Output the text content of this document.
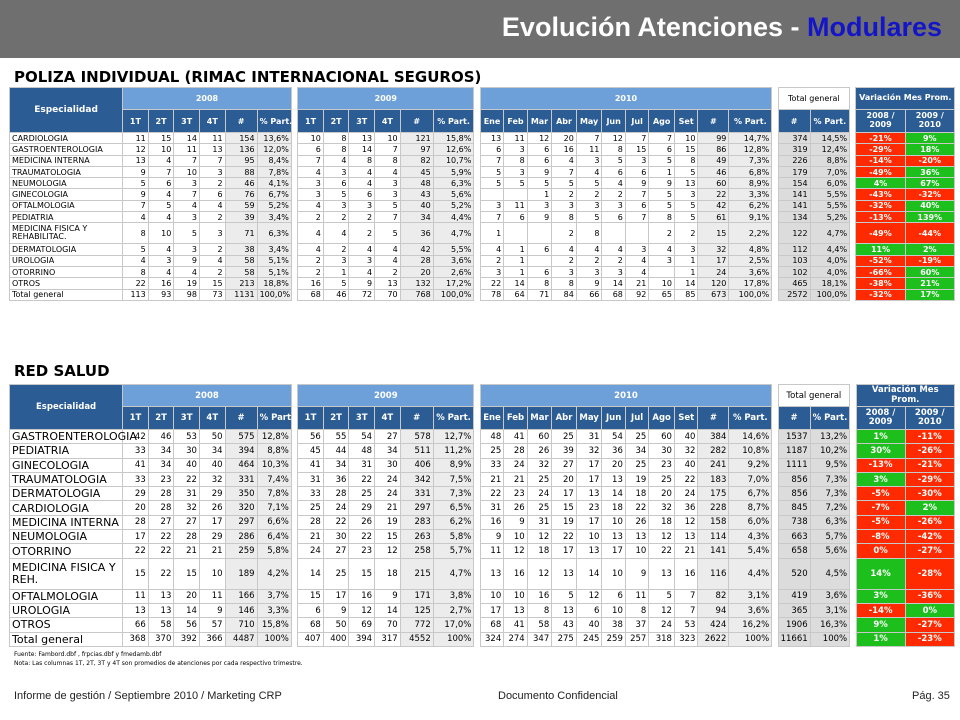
Evolución Atenciones - Modulares
POLIZA INDIVIDUAL (RIMAC INTERNACIONAL SEGUROS)
Especialidad	2008							2009							2010												Total general			Variación Mes Prom.	
	1T	2T	3T	4T	#	% Part.		1T	2T	3T	4T	#	% Part.		Ene	Feb	Mar	Abr	May	Jun	Jul	Ago	Set	#	% Part.		#	% Part.		2008 / 2009	2009 / 2010
CARDIOLOGIA	11	15	14	11	154	13,6%		10	8	13	10	121	15,8%		13	11	12	20	7	12	7	7	10	99	14,7%		374	14,5%		-21%	9%
GASTROENTEROLOGIA	12	10	11	13	136	12,0%		6	8	14	7	97	12,6%		6	3	6	16	11	8	15	6	15	86	12,8%		319	12,4%		-29%	18%
MEDICINA INTERNA	13	4	7	7	95	8,4%		7	4	8	8	82	10,7%		7	8	6	4	3	5	3	5	8	49	7,3%		226	8,8%		-14%	-20%
TRAUMATOLOGIA	9	7	10	3	88	7,8%		4	3	4	4	45	5,9%		5	3	9	7	4	6	6	1	5	46	6,8%		179	7,0%		-49%	36%
NEUMOLOGIA	5	6	3	2	46	4,1%		3	6	4	3	48	6,3%		5	5	5	5	5	4	9	9	13	60	8,9%		154	6,0%		4%	67%
GINECOLOGIA	9	4	7	6	76	6,7%		3	5	6	3	43	5,6%				1	2	2	2	7	5	3	22	3,3%		141	5,5%		-43%	-32%
OFTALMOLOGIA	7	5	4	4	59	5,2%		4	3	3	5	40	5,2%		3	11	3	3	3	3	6	5	5	42	6,2%		141	5,5%		-32%	40%
PEDIATRIA	4	4	3	2	39	3,4%		2	2	2	7	34	4,4%		7	6	9	8	5	6	7	8	5	61	9,1%		134	5,2%		-13%	139%
MEDICINA FISICA Y REHABILITAC.	8	10	5	3	71	6,3%		4	4	2	5	36	4,7%		1			2	8			2	2	15	2,2%		122	4,7%		-49%	-44%
DERMATOLOGIA	5	4	3	2	38	3,4%		4	2	4	4	42	5,5%		4	1	6	4	4	4	3	4	3	32	4,8%		112	4,4%		11%	2%
UROLOGIA	4	3	9	4	58	5,1%		2	3	3	4	28	3,6%		2	1		2	2	2	4	3	1	17	2,5%		103	4,0%		-52%	-19%
OTORRINO	8	4	4	2	58	5,1%		2	1	4	2	20	2,6%		3	1	6	3	3	3	4		1	24	3,6%		102	4,0%		-66%	60%
OTROS	22	16	19	15	213	18,8%		16	5	9	13	132	17,2%		22	14	8	8	9	14	21	10	14	120	17,8%		465	18,1%		-38%	21%
Total general	113	93	98	73	1131	100,0%		68	46	72	70	768	100,0%		78	64	71	84	66	68	92	65	85	673	100,0%		2572	100,0%		-32%	17%
RED SALUD
Especialidad	2008							2009							2010												Total general			Variación Mes Prom.	
	1T	2T	3T	4T	#	% Part.		1T	2T	3T	4T	#	% Part.		Ene	Feb	Mar	Abr	May	Jun	Jul	Ago	Set	#	% Part.		#	% Part.		2008 / 2009	2009 / 2010
GASTROENTEROLOGIA	42	46	53	50	575	12,8%		56	55	54	27	578	12,7%		48	41	60	25	31	54	25	60	40	384	14,6%		1537	13,2%		1%	-11%
PEDIATRIA	33	34	30	34	394	8,8%		45	44	48	34	511	11,2%		25	28	26	39	32	36	34	30	32	282	10,8%		1187	10,2%		30%	-26%
GINECOLOGIA	41	34	40	40	464	10,3%		41	34	31	30	406	8,9%		33	24	32	27	17	20	25	23	40	241	9,2%		1111	9,5%		-13%	-21%
TRAUMATOLOGIA	33	23	22	32	331	7,4%		31	36	22	24	342	7,5%		21	21	25	20	17	13	19	25	22	183	7,0%		856	7,3%		3%	-29%
DERMATOLOGIA	29	28	31	29	350	7,8%		33	28	25	24	331	7,3%		22	23	24	17	13	14	18	20	24	175	6,7%		856	7,3%		-5%	-30%
CARDIOLOGIA	20	28	32	26	320	7,1%		25	24	29	21	297	6,5%		31	26	25	15	23	18	22	32	36	228	8,7%		845	7,2%		-7%	2%
MEDICINA INTERNA	28	27	27	17	297	6,6%		28	22	26	19	283	6,2%		16	9	31	19	17	10	26	18	12	158	6,0%		738	6,3%		-5%	-26%
NEUMOLOGIA	17	22	28	29	286	6,4%		21	30	22	15	263	5,8%		9	10	12	22	10	13	13	12	13	114	4,3%		663	5,7%		-8%	-42%
OTORRINO	22	22	21	21	259	5,8%		24	27	23	12	258	5,7%		11	12	18	17	13	17	10	22	21	141	5,4%		658	5,6%		0%	-27%
MEDICINA FISICA Y REH.	15	22	15	10	189	4,2%		14	25	15	18	215	4,7%		13	16	12	13	14	10	9	13	16	116	4,4%		520	4,5%		14%	-28%
OFTALMOLOGIA	11	13	20	11	166	3,7%		15	17	16	9	171	3,8%		10	10	16	5	12	6	11	5	7	82	3,1%		419	3,6%		3%	-36%
UROLOGIA	13	13	14	9	146	3,3%		6	9	12	14	125	2,7%		17	13	8	13	6	10	8	12	7	94	3,6%		365	3,1%		-14%	0%
OTROS	66	58	56	57	710	15,8%		68	50	69	70	772	17,0%		68	41	58	43	40	38	37	24	53	424	16,2%		1906	16,3%		9%	-27%
Total general	368	370	392	366	4487	100%		407	400	394	317	4552	100%		324	274	347	275	245	259	257	318	323	2622	100%		11661	100%		1%	-23%
Fuente: Fambord.dbf , frpcias.dbf y fmedamb.dbf
Nota: Las columnas 1T, 2T, 3T y 4T son promedios de atenciones por cada respectivo trimestre.
Informe de gestión / Septiembre 2010 / Marketing CRP	Documento Confidencial	Pág. 35
